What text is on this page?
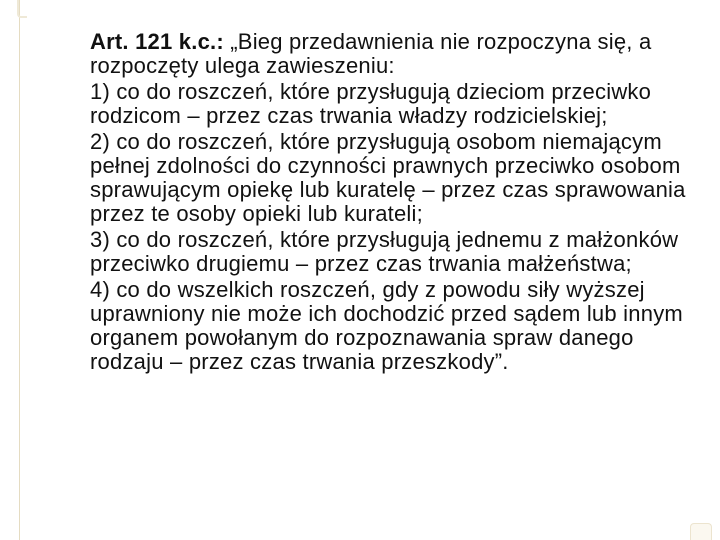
Art. 121 k.c.: „Bieg przedawnienia nie rozpoczyna się, a rozpoczęty ulega zawieszeniu:

1) co do roszczeń, które przysługują dzieciom przeciwko rodzicom – przez czas trwania władzy rodzicielskiej;

2) co do roszczeń, które przysługują osobom niemającym pełnej zdolności do czynności prawnych przeciwko osobom sprawującym opiekę lub kuratelę – przez czas sprawowania przez te osoby opieki lub kurateli;

3) co do roszczeń, które przysługują jednemu z małżonków przeciwko drugiemu – przez czas trwania małżeństwa;

4) co do wszelkich roszczeń, gdy z powodu siły wyższej uprawniony nie może ich dochodzić przed sądem lub innym organem powołanym do rozpoznawania spraw danego rodzaju – przez czas trwania przeszkody”.
